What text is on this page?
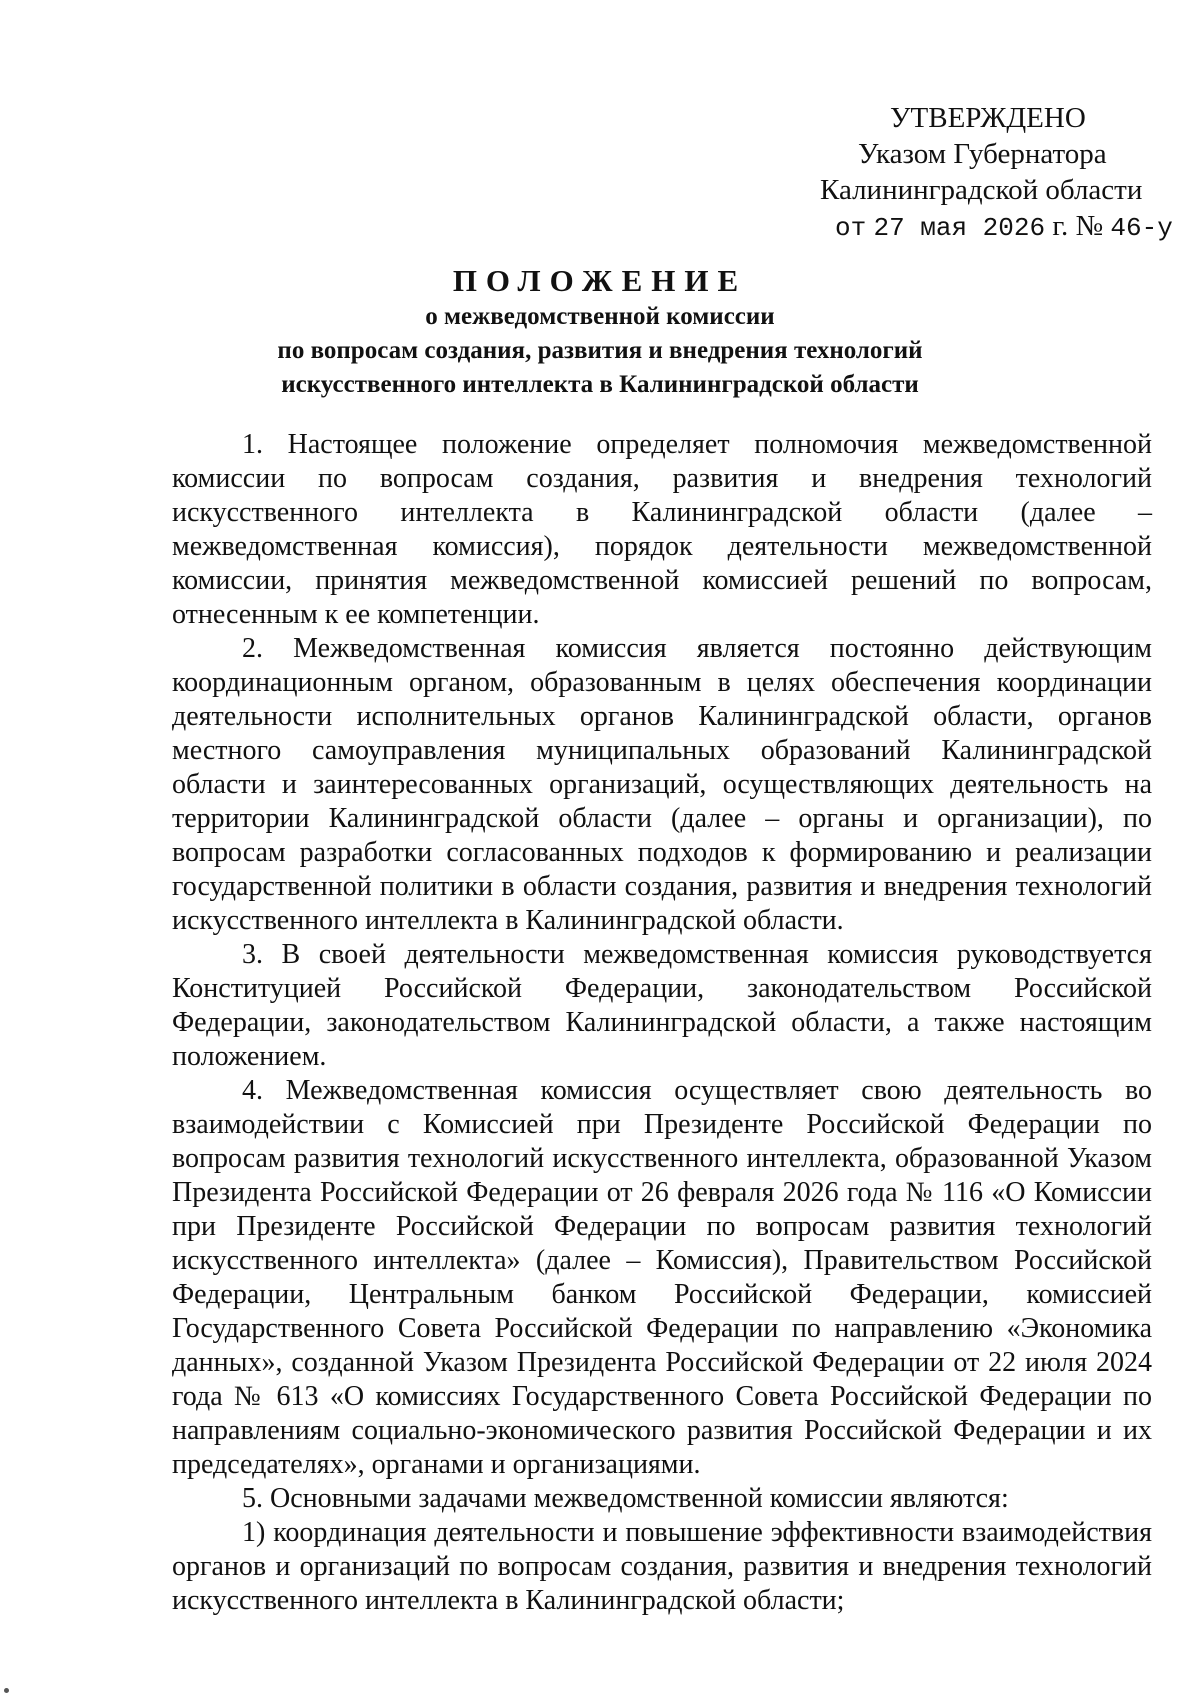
УТВЕРЖДЕНО
Указом Губернатора
Калининградской области
от 27 мая 2026 г. № 46-у

ПОЛОЖЕНИЕ

о межведомственной комиссии

по вопросам создания, развития и внедрения технологий

искусственного интеллекта в Калининградской области

1. Настоящее положение определяет полномочия межведомственной комиссии по вопросам создания, развития и внедрения технологий искусственного интеллекта в Калининградской области (далее – межведомственная комиссия), порядок деятельности межведомственной комиссии, принятия межведомственной комиссией решений по вопросам, отнесенным к ее компетенции.

2. Межведомственная комиссия является постоянно действующим координационным органом, образованным в целях обеспечения координации деятельности исполнительных органов Калининградской области, органов местного самоуправления муниципальных образований Калининградской области и заинтересованных организаций, осуществляющих деятельность на территории Калининградской области (далее – органы и организации), по вопросам разработки согласованных подходов к формированию и реализации государственной политики в области создания, развития и внедрения технологий искусственного интеллекта в Калининградской области.

3. В своей деятельности межведомственная комиссия руководствуется Конституцией Российской Федерации, законодательством Российской Федерации, законодательством Калининградской области, а также настоящим положением.

4. Межведомственная комиссия осуществляет свою деятельность во взаимодействии с Комиссией при Президенте Российской Федерации по вопросам развития технологий искусственного интеллекта, образованной Указом Президента Российской Федерации от 26 февраля 2026 года № 116 «О Комиссии при Президенте Российской Федерации по вопросам развития технологий искусственного интеллекта» (далее – Комиссия), Правительством Российской Федерации, Центральным банком Российской Федерации, комиссией Государственного Совета Российской Федерации по направлению «Экономика данных», созданной Указом Президента Российской Федерации от 22 июля 2024 года № 613 «О комиссиях Государственного Совета Российской Федерации по направлениям социально-экономического развития Российской Федерации и их председателях», органами и организациями.

5. Основными задачами межведомственной комиссии являются:

1) координация деятельности и повышение эффективности взаимодействия органов и организаций по вопросам создания, развития и внедрения технологий искусственного интеллекта в Калининградской области;
